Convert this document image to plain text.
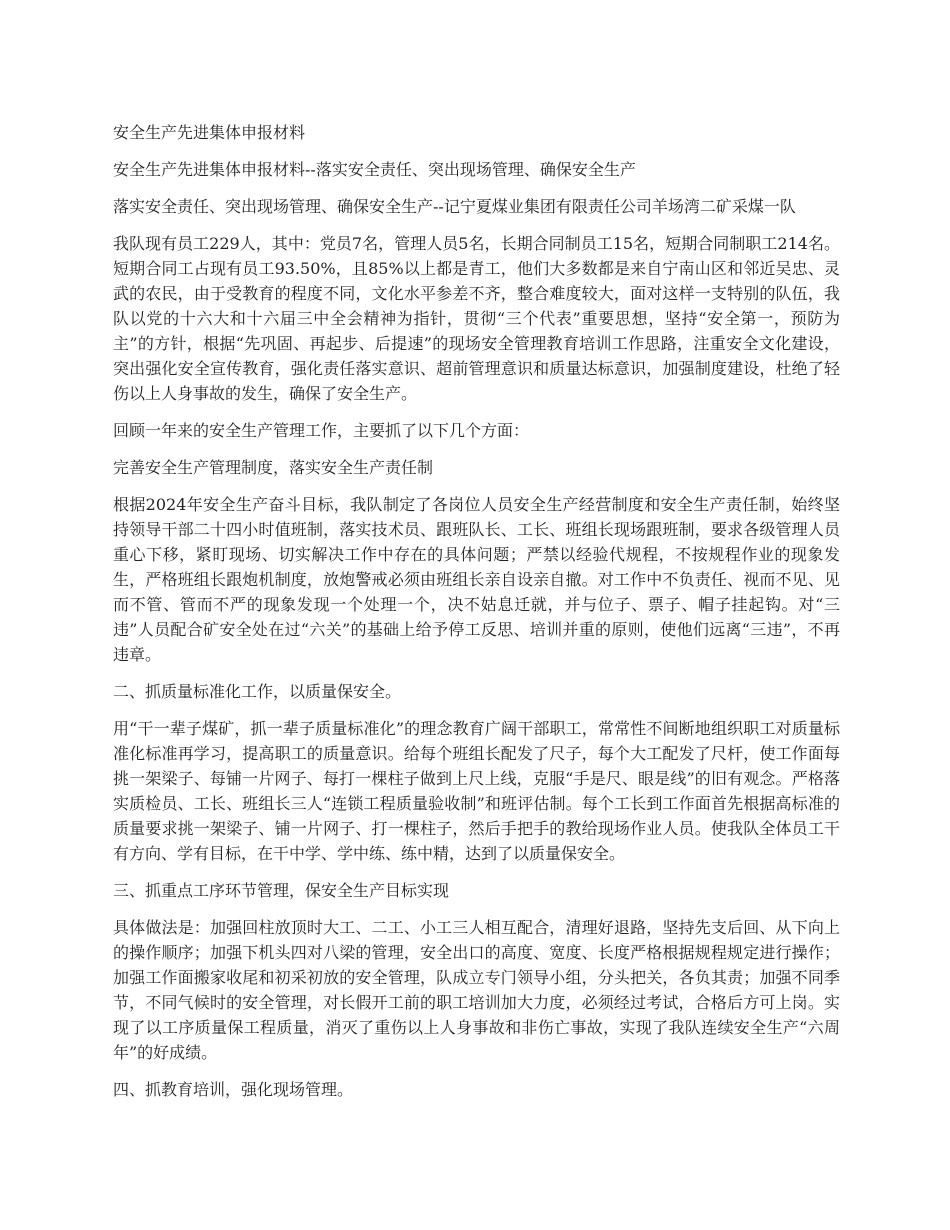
安全生产先进集体申报材料

安全生产先进集体申报材料--落实安全责任、突出现场管理、确保安全生产

落实安全责任、突出现场管理、确保安全生产--记宁夏煤业集团有限责任公司羊场湾二矿采煤一队

我队现有员工229人，其中：党员7名，管理人员5名，长期合同制员工15名，短期合同制职工214名。短期合同工占现有员工93.50%，且85%以上都是青工，他们大多数都是来自宁南山区和邻近吴忠、灵武的农民，由于受教育的程度不同，文化水平参差不齐，整合难度较大，面对这样一支特别的队伍，我队以党的十六大和十六届三中全会精神为指针，贯彻“三个代表”重要思想，坚持“安全第一，预防为主”的方针，根据“先巩固、再起步、后提速”的现场安全管理教育培训工作思路，注重安全文化建设，突出强化安全宣传教育，强化责任落实意识、超前管理意识和质量达标意识，加强制度建设，杜绝了轻伤以上人身事故的发生，确保了安全生产。

回顾一年来的安全生产管理工作，主要抓了以下几个方面：

完善安全生产管理制度，落实安全生产责任制

根据2024年安全生产奋斗目标，我队制定了各岗位人员安全生产经营制度和安全生产责任制，始终坚持领导干部二十四小时值班制，落实技术员、跟班队长、工长、班组长现场跟班制，要求各级管理人员重心下移，紧盯现场、切实解决工作中存在的具体问题；严禁以经验代规程，不按规程作业的现象发生，严格班组长跟炮机制度，放炮警戒必须由班组长亲自设亲自撤。对工作中不负责任、视而不见、见而不管、管而不严的现象发现一个处理一个，决不姑息迁就，并与位子、票子、帽子挂起钩。对“三违”人员配合矿安全处在过“六关”的基础上给予停工反思、培训并重的原则，使他们远离“三违”，不再违章。

二、抓质量标准化工作，以质量保安全。

用“干一辈子煤矿，抓一辈子质量标准化”的理念教育广阔干部职工，常常性不间断地组织职工对质量标准化标准再学习，提高职工的质量意识。给每个班组长配发了尺子，每个大工配发了尺杆，使工作面每挑一架梁子、每铺一片网子、每打一棵柱子做到上尺上线，克服“手是尺、眼是线”的旧有观念。严格落实质检员、工长、班组长三人“连锁工程质量验收制”和班评估制。每个工长到工作面首先根据高标准的质量要求挑一架梁子、铺一片网子、打一棵柱子，然后手把手的教给现场作业人员。使我队全体员工干有方向、学有目标，在干中学、学中练、练中精，达到了以质量保安全。

三、抓重点工序环节管理，保安全生产目标实现

具体做法是：加强回柱放顶时大工、二工、小工三人相互配合，清理好退路，坚持先支后回、从下向上的操作顺序；加强下机头四对八梁的管理，安全出口的高度、宽度、长度严格根据规程规定进行操作；加强工作面搬家收尾和初采初放的安全管理，队成立专门领导小组，分头把关，各负其责；加强不同季节，不同气候时的安全管理，对长假开工前的职工培训加大力度，必须经过考试，合格后方可上岗。实现了以工序质量保工程质量，消灭了重伤以上人身事故和非伤亡事故，实现了我队连续安全生产“六周年”的好成绩。

四、抓教育培训，强化现场管理。
